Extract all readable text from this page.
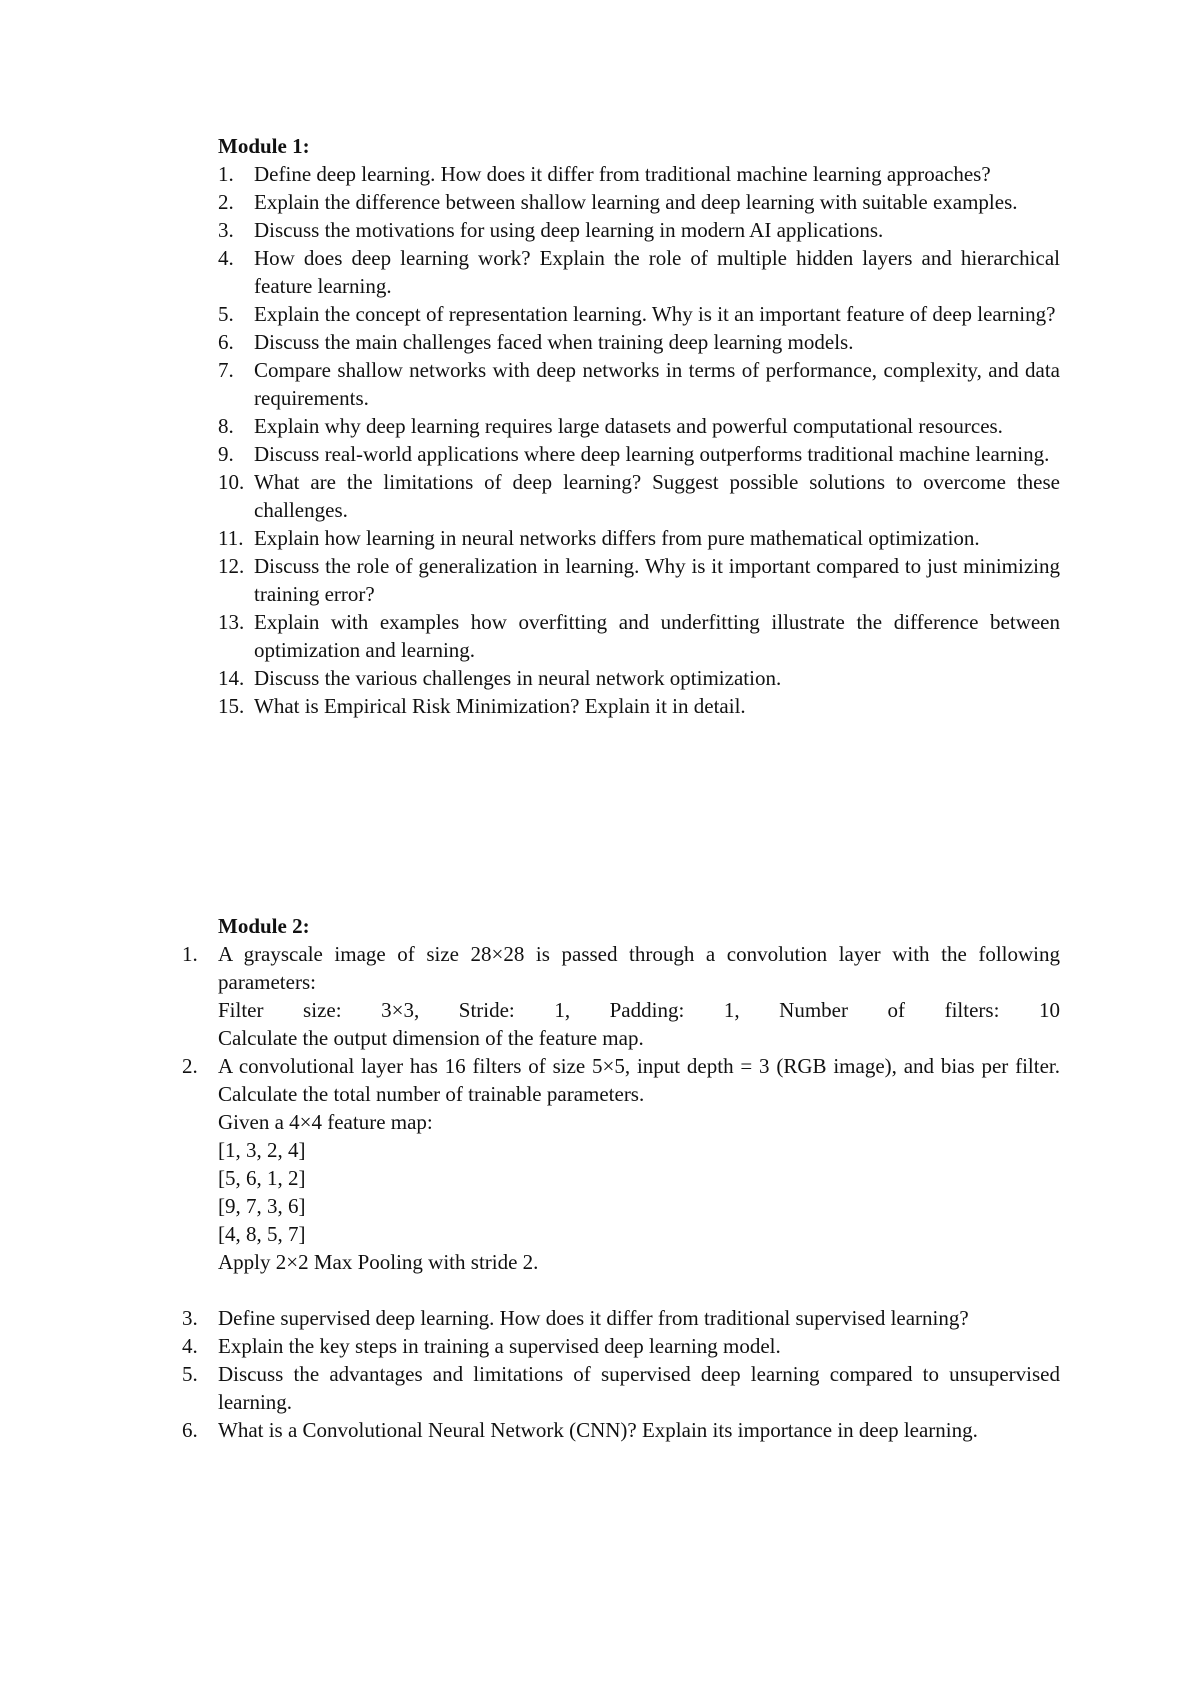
Module 1:
1. Define deep learning. How does it differ from traditional machine learning approaches?
2. Explain the difference between shallow learning and deep learning with suitable examples.
3. Discuss the motivations for using deep learning in modern AI applications.
4. How does deep learning work? Explain the role of multiple hidden layers and hierarchical feature learning.
5. Explain the concept of representation learning. Why is it an important feature of deep learning?
6. Discuss the main challenges faced when training deep learning models.
7. Compare shallow networks with deep networks in terms of performance, complexity, and data requirements.
8. Explain why deep learning requires large datasets and powerful computational resources.
9. Discuss real-world applications where deep learning outperforms traditional machine learning.
10. What are the limitations of deep learning? Suggest possible solutions to overcome these challenges.
11. Explain how learning in neural networks differs from pure mathematical optimization.
12. Discuss the role of generalization in learning. Why is it important compared to just minimizing training error?
13. Explain with examples how overfitting and underfitting illustrate the difference between optimization and learning.
14. Discuss the various challenges in neural network optimization.
15. What is Empirical Risk Minimization? Explain it in detail.
Module 2:
1. A grayscale image of size 28×28 is passed through a convolution layer with the following parameters:
Filter size: 3×3, Stride: 1, Padding: 1, Number of filters: 10
Calculate the output dimension of the feature map.
2. A convolutional layer has 16 filters of size 5×5, input depth = 3 (RGB image), and bias per filter. Calculate the total number of trainable parameters.
Given a 4×4 feature map:
[1, 3, 2, 4]
[5, 6, 1, 2]
[9, 7, 3, 6]
[4, 8, 5, 7]
Apply 2×2 Max Pooling with stride 2.
3. Define supervised deep learning. How does it differ from traditional supervised learning?
4. Explain the key steps in training a supervised deep learning model.
5. Discuss the advantages and limitations of supervised deep learning compared to unsupervised learning.
6. What is a Convolutional Neural Network (CNN)? Explain its importance in deep learning.
